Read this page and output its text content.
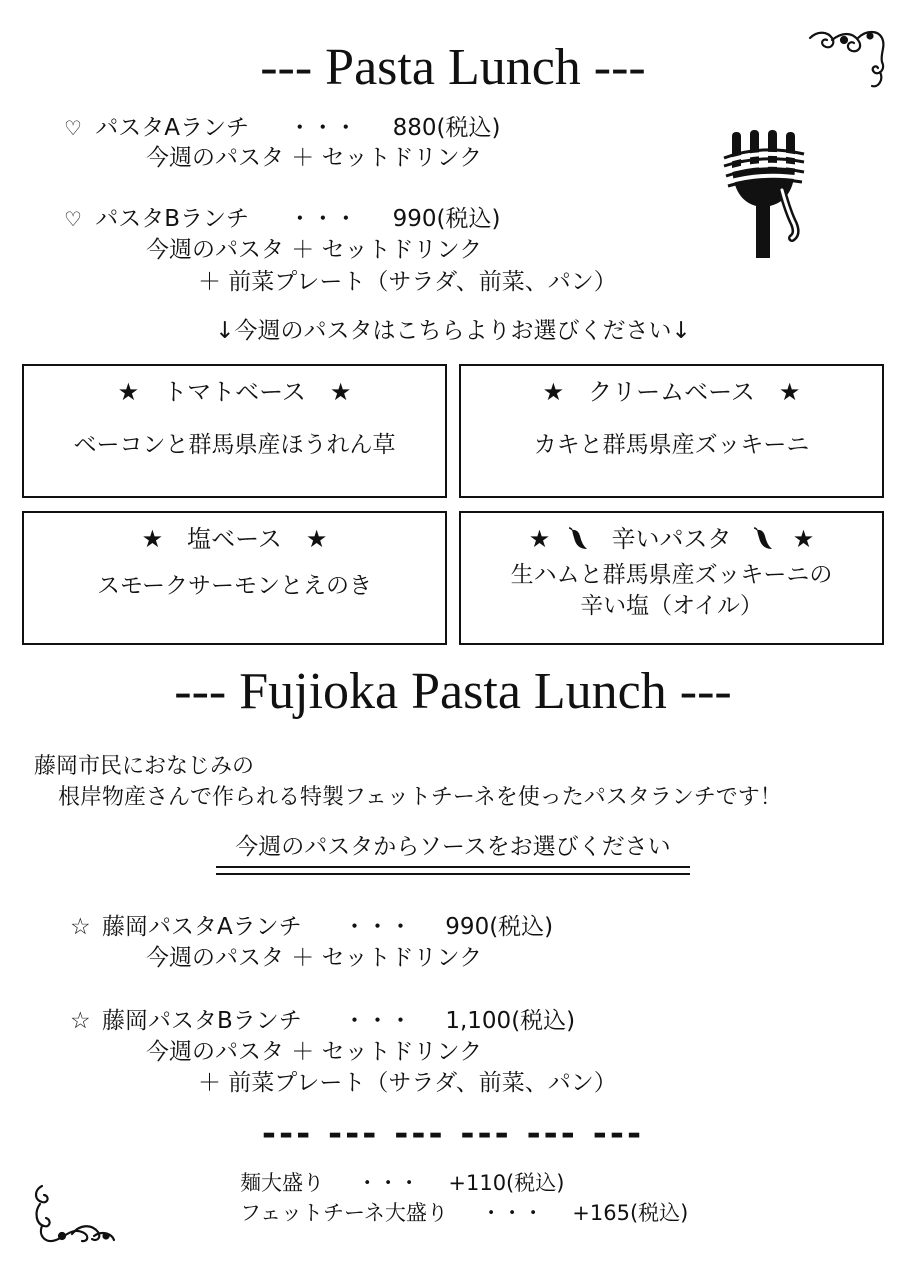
--- Pasta Lunch ---
♡ パスタAランチ ・・・ 880(税込)
今週のパスタ ＋ セットドリンク
♡ パスタBランチ ・・・ 990(税込)
今週のパスタ ＋ セットドリンク
＋ 前菜プレート（サラダ、前菜、パン）
↓今週のパスタはこちらよりお選びください↓
★　トマトベース　★
ベーコンと群馬県産ほうれん草
★　クリームベース　★
カキと群馬県産ズッキーニ
★　塩ベース　★
スモークサーモンとえのき
★	辛いパスタ	★
生ハムと群馬県産ズッキーニの
辛い塩（オイル）
--- Fujioka Pasta Lunch ---
藤岡市民におなじみの
根岸物産さんで作られる特製フェットチーネを使ったパスタランチです！
今週のパスタからソースをお選びください
☆ 藤岡パスタAランチ ・・・ 990(税込)
今週のパスタ ＋ セットドリンク
☆ 藤岡パスタBランチ ・・・ 1,100(税込)
今週のパスタ ＋ セットドリンク
＋ 前菜プレート（サラダ、前菜、パン）
--- --- --- --- --- ---
麺大盛り ・・・ +110(税込)
フェットチーネ大盛り ・・・ +165(税込)
